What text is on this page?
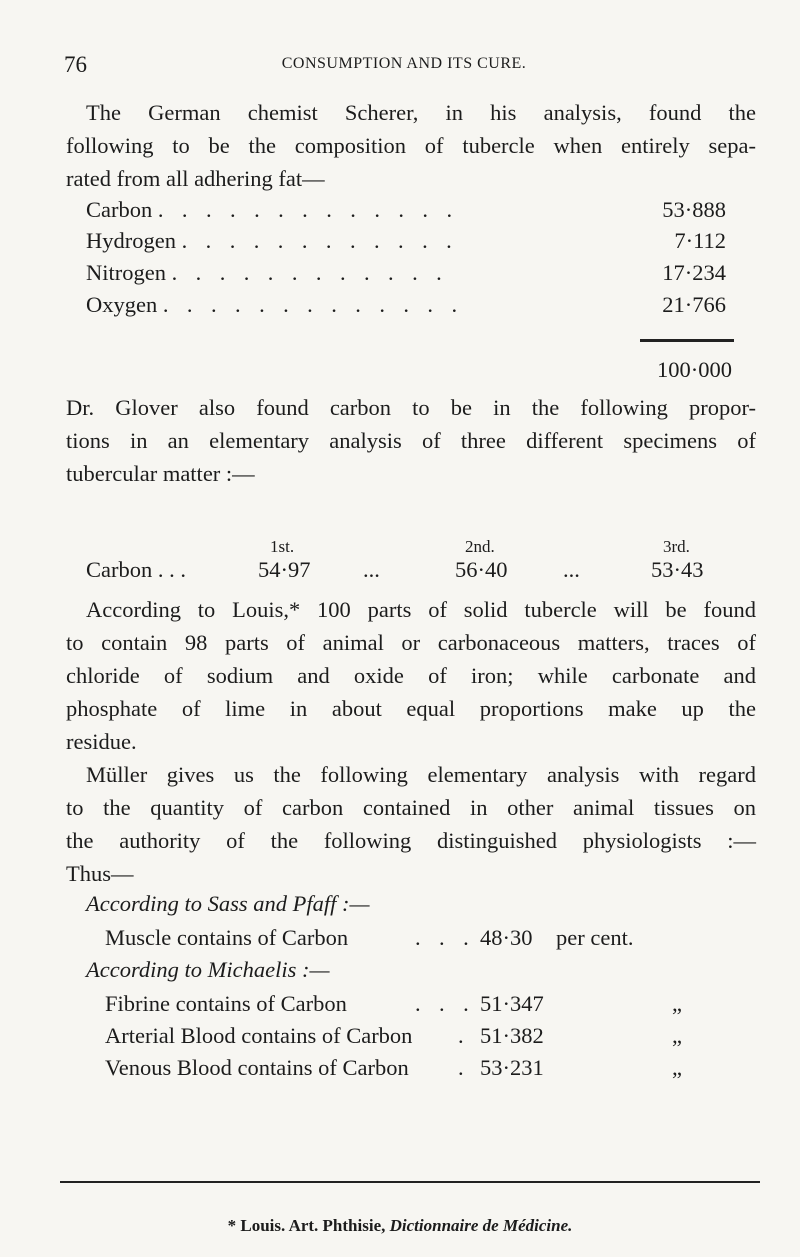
76	CONSUMPTION AND ITS CURE.
The German chemist Scherer, in his analysis, found the
following to be the composition of tubercle when entirely sepa-
rated from all adhering fat—
Carbon . . . . . . . . . . . . .	53·888
Hydrogen . . . . . . . . . . . .	7·112
Nitrogen . . . . . . . . . . . .	17·234
Oxygen . . . . . . . . . . . . .	21·766
100·000
Dr. Glover also found carbon to be in the following propor-
tions in an elementary analysis of three different specimens of
tubercular matter :—
1st.	2nd.	3rd.
Carbon . . .	54·97 ...	56·40 ...	53·43
According to Louis,* 100 parts of solid tubercle will be found
to contain 98 parts of animal or carbonaceous matters, traces of
chloride of sodium and oxide of iron; while carbonate and
phosphate of lime in about equal proportions make up the
residue.
Müller gives us the following elementary analysis with regard
to the quantity of carbon contained in other animal tissues on
the authority of the following distinguished physiologists :—
Thus—
According to Sass and Pfaff :—
Muscle contains of Carbon	. . . 48·30 per cent.
According to Michaelis :—
Fibrine contains of Carbon	. . . 51·347	„
Arterial Blood contains of Carbon . 51·382	„
Venous Blood contains of Carbon . 53·231	„
* Louis. Art. Phthisie, Dictionnaire de Médicine.
